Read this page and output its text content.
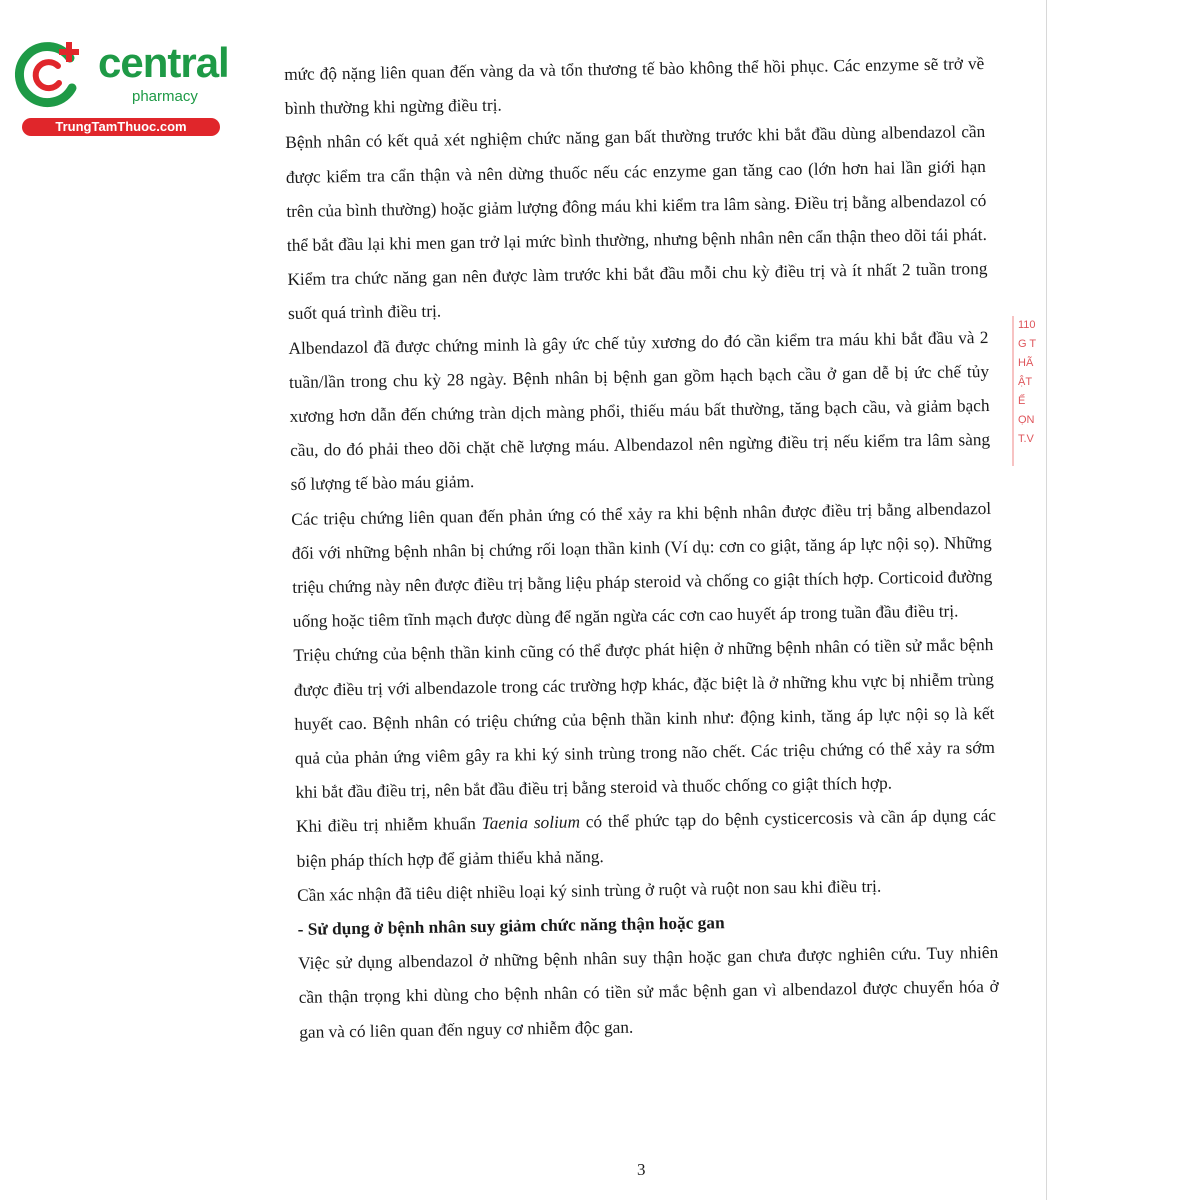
central
pharmacy
TrungTamThuoc.com

mức độ nặng liên quan đến vàng da và tổn thương tế bào không thể hồi phục. Các enzyme sẽ trở về bình thường khi ngừng điều trị.

Bệnh nhân có kết quả xét nghiệm chức năng gan bất thường trước khi bắt đầu dùng albendazol cần được kiểm tra cẩn thận và nên dừng thuốc nếu các enzyme gan tăng cao (lớn hơn hai lần giới hạn trên của bình thường) hoặc giảm lượng đông máu khi kiểm tra lâm sàng. Điều trị bằng albendazol có thể bắt đầu lại khi men gan trở lại mức bình thường, nhưng bệnh nhân nên cẩn thận theo dõi tái phát. Kiểm tra chức năng gan nên được làm trước khi bắt đầu mỗi chu kỳ điều trị và ít nhất 2 tuần trong suốt quá trình điều trị.

Albendazol đã được chứng minh là gây ức chế tủy xương do đó cần kiểm tra máu khi bắt đầu và 2 tuần/lần trong chu kỳ 28 ngày. Bệnh nhân bị bệnh gan gồm hạch bạch cầu ở gan dễ bị ức chế tủy xương hơn dẫn đến chứng tràn dịch màng phổi, thiếu máu bất thường, tăng bạch cầu, và giảm bạch cầu, do đó phải theo dõi chặt chẽ lượng máu. Albendazol nên ngừng điều trị nếu kiểm tra lâm sàng số lượng tế bào máu giảm.

Các triệu chứng liên quan đến phản ứng có thể xảy ra khi bệnh nhân được điều trị bằng albendazol đối với những bệnh nhân bị chứng rối loạn thần kinh (Ví dụ: cơn co giật, tăng áp lực nội sọ). Những triệu chứng này nên được điều trị bằng liệu pháp steroid và chống co giật thích hợp. Corticoid đường uống hoặc tiêm tĩnh mạch được dùng để ngăn ngừa các cơn cao huyết áp trong tuần đầu điều trị.

Triệu chứng của bệnh thần kinh cũng có thể được phát hiện ở những bệnh nhân có tiền sử mắc bệnh được điều trị với albendazole trong các trường hợp khác, đặc biệt là ở những khu vực bị nhiễm trùng huyết cao. Bệnh nhân có triệu chứng của bệnh thần kinh như: động kinh, tăng áp lực nội sọ là kết quả của phản ứng viêm gây ra khi ký sinh trùng trong não chết. Các triệu chứng có thể xảy ra sớm khi bắt đầu điều trị, nên bắt đầu điều trị bằng steroid và thuốc chống co giật thích hợp.

Khi điều trị nhiễm khuẩn Taenia solium có thể phức tạp do bệnh cysticercosis và cần áp dụng các biện pháp thích hợp để giảm thiểu khả năng.

Cần xác nhận đã tiêu diệt nhiều loại ký sinh trùng ở ruột và ruột non sau khi điều trị.

- Sử dụng ở bệnh nhân suy giảm chức năng thận hoặc gan

Việc sử dụng albendazol ở những bệnh nhân suy thận hoặc gan chưa được nghiên cứu. Tuy nhiên cần thận trọng khi dùng cho bệnh nhân có tiền sử mắc bệnh gan vì albendazol được chuyển hóa ở gan và có liên quan đến nguy cơ nhiễm độc gan.

3
110
G T
HÃ
ẬT
Ế
ỌN
T.V
